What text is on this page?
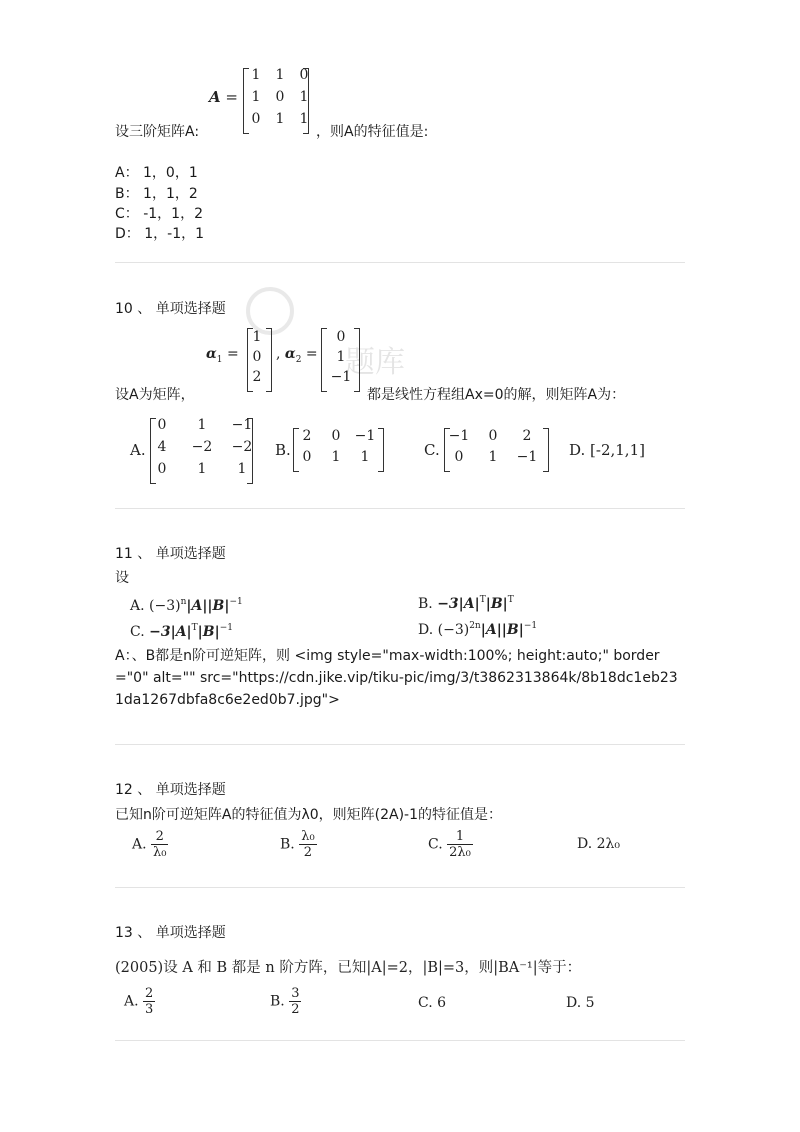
A =
1	1	0
1	0	1
0	1	1
设三阶矩阵A:	，则A的特征值是:
A： 1，0，1
B： 1，1，2
C： -1，1，2
D： 1，-1，1
10 、 单项选择题
题库
$\alpha_1$ =
1
0
2
, $\alpha_2$ =
0
1
−1
设A为矩阵，	都是线性方程组Ax=0的解，则矩阵A为：
A.
0	1	−1
4	−2 −2
0	1	1
B.
2	0	−1
0	1	1	C.
−1	0	2
0	1	−1 D. [-2,1,1]
11 、 单项选择题
设
A. $(-3)^n|A||B|^{-1}$	B. $-3|A|^T|B|^T$
C. $-3|A|^T|B|^{-1}$	D. $(-3)^{2n}|A||B|^{-1}$
A：、B都是n阶可逆矩阵，则 <img style="max-width:100%; height:auto;" border="0" alt="" src="https://cdn.jike.vip/tiku-pic/img/3/t3862313864k/8b18dc1eb231da1267dbfa8c6e2ed0b7.jpg">
12 、 单项选择题
已知n阶可逆矩阵A的特征值为λ0，则矩阵(2A)-1的特征值是：
A. $\frac{2}{\text{λ₀}}$	B. $\frac{\text{λ₀}}{2}$	C. $\frac{1}{\text{2λ₀}}$	D. 2λ₀
13 、 单项选择题
(2005)设 A 和 B 都是 n 阶方阵，已知|A|=2，|B|=3，则|BA⁻¹|等于：
A. $\frac{2}{3}$	B. $\frac{3}{2}$	C. 6	D. 5
